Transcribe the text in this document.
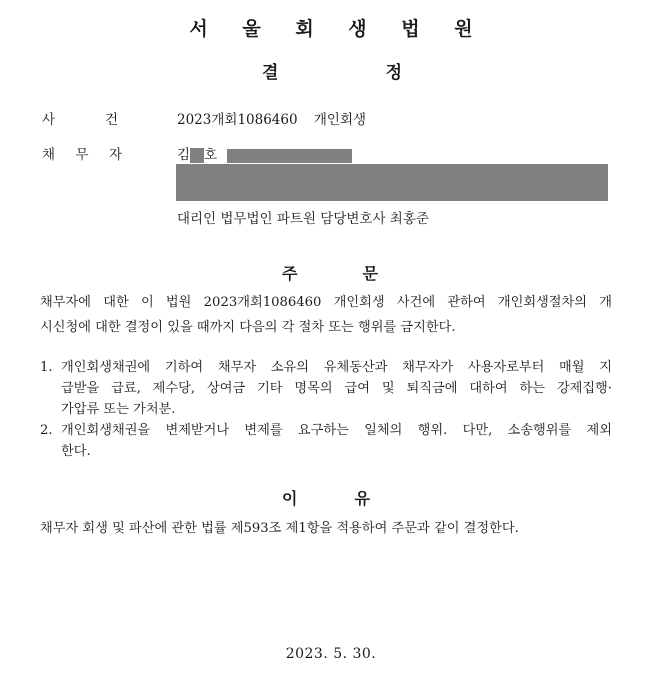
서 울 회 생 법 원
결	정
사	건	2023개회1086460 개인회생
채 무 자	김 호
대리인 법무법인 파트원 담당변호사 최홍준
주	문
채무자에 대한 이 법원 2023개회1086460 개인회생 사건에 관하여 개인회생절차의 개
시신청에 대한 결정이 있을 때까지 다음의 각 절차 또는 행위를 금지한다.
1. 개인회생채권에 기하여 채무자 소유의 유체동산과 채무자가 사용자로부터 매월 지
급받을 급료, 제수당, 상여금 기타 명목의 급여 및 퇴직금에 대하여 하는 강제집행·
가압류 또는 가처분.
2. 개인회생채권을 변제받거나 변제를 요구하는 일체의 행위. 다만, 소송행위를 제외
한다.
이	유
채무자 회생 및 파산에 관한 법률 제593조 제1항을 적용하여 주문과 같이 결정한다.
2023. 5. 30.
